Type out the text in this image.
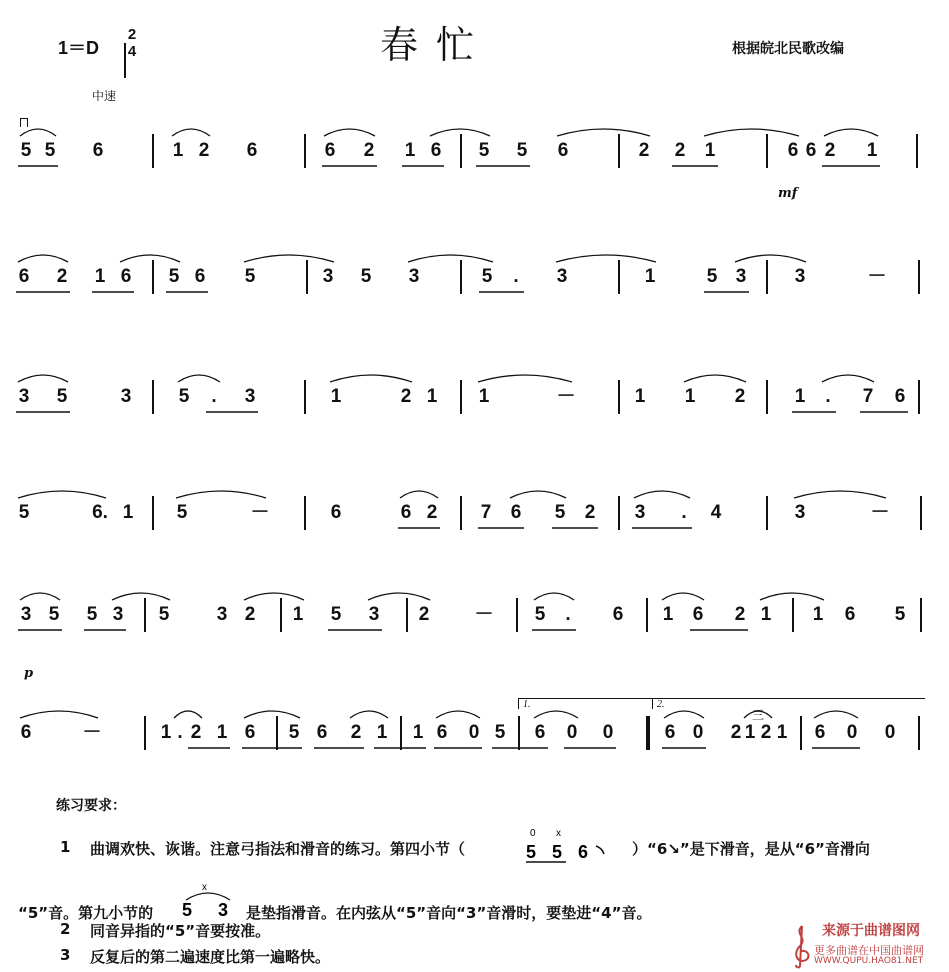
1＝D
2
4	春忙	根据皖北民歌改编
中速
mf
p
5 5 6	1 2 6	6 2 1 6 5 5 6	2 2 1	6 6 2 1
6 2 1 6 5 6 5	3 5 3	5 . 3	1	5 3	3	－
3 5	3 5 . 3	1	2 1 1	－	1 1 2	1 . 7 6
5	6. 1 5	－	6	6 2 7 6 5 2 3 . 4	3	－
3 5 5 3 5 3 2 1 5 3 2 － 5 . 6 1 6 2 1 1 6 5
6	－	1 . 2 1 6 5 6 2 1 1 6 0 5 6 0 0	6 0 2 1 2 1 6 0 0
1.	2.
三
练习要求：
1 曲调欢快、诙谐。注意弓指法和滑音的练习。第四小节（
0 x
556 ）“6↘”是下滑音，是从“6”音滑向
“5”音。第九小节的
x
53
是垫指滑音。在内弦从“5”音向“3”音滑时，要垫进“4”音。
2 同音异指的“5”音要按准。
3 反复后的第二遍速度比第一遍略快。
来源于曲谱图网
更多曲谱在中国曲谱网
WWW.QUPU.HAO81.NET
